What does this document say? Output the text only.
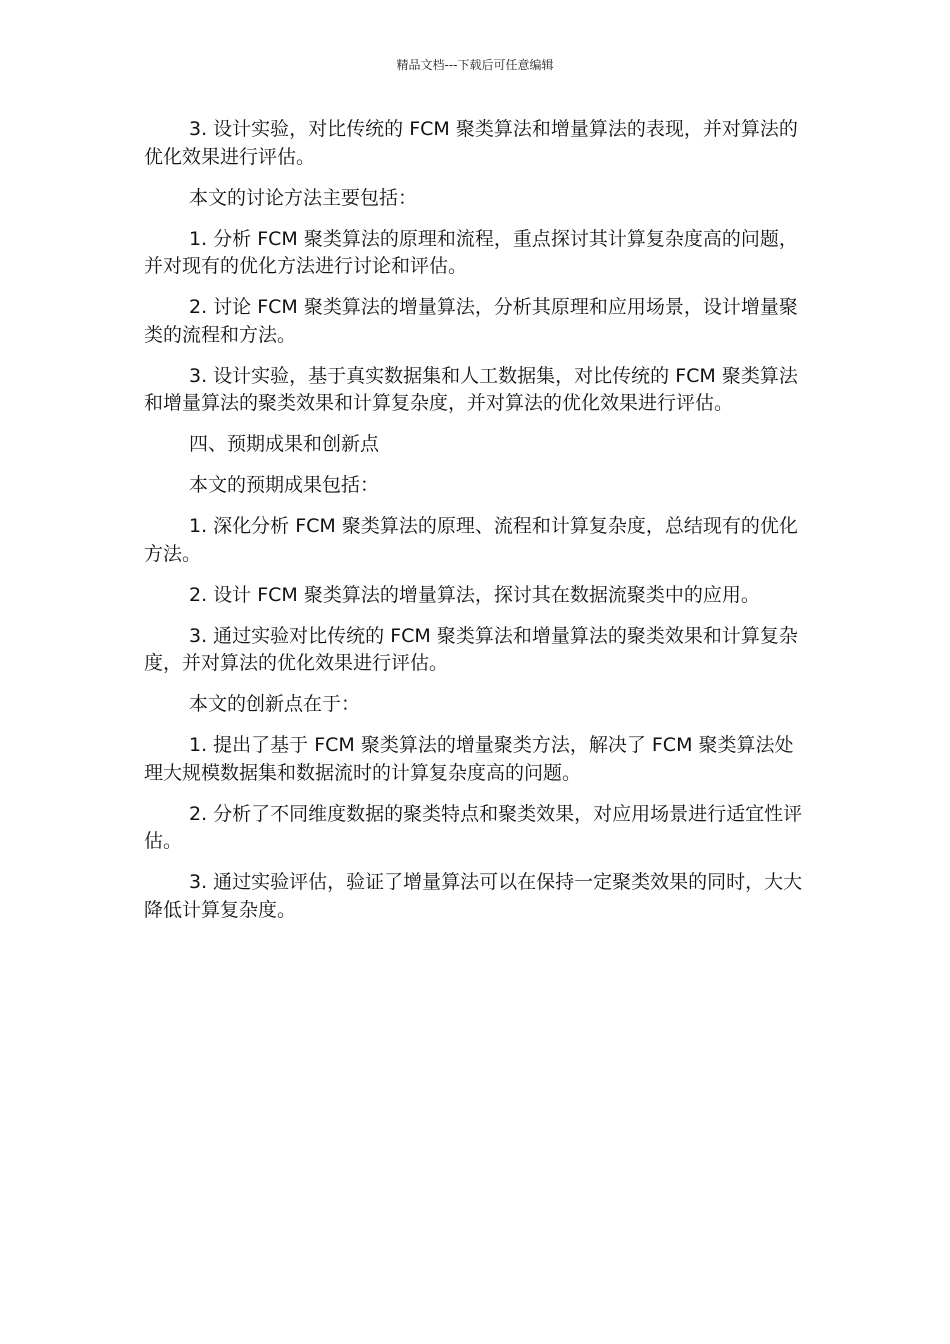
精品文档---下载后可任意编辑

3. 设计实验，对比传统的 FCM 聚类算法和增量算法的表现，并对算法的优化效果进行评估。

本文的讨论方法主要包括：

1. 分析 FCM 聚类算法的原理和流程，重点探讨其计算复杂度高的问题，并对现有的优化方法进行讨论和评估。

2. 讨论 FCM 聚类算法的增量算法，分析其原理和应用场景，设计增量聚类的流程和方法。

3. 设计实验，基于真实数据集和人工数据集，对比传统的 FCM 聚类算法和增量算法的聚类效果和计算复杂度，并对算法的优化效果进行评估。

四、预期成果和创新点

本文的预期成果包括：

1. 深化分析 FCM 聚类算法的原理、流程和计算复杂度，总结现有的优化方法。

2. 设计 FCM 聚类算法的增量算法，探讨其在数据流聚类中的应用。

3. 通过实验对比传统的 FCM 聚类算法和增量算法的聚类效果和计算复杂度，并对算法的优化效果进行评估。

本文的创新点在于：

1. 提出了基于 FCM 聚类算法的增量聚类方法，解决了 FCM 聚类算法处理大规模数据集和数据流时的计算复杂度高的问题。

2. 分析了不同维度数据的聚类特点和聚类效果，对应用场景进行适宜性评估。

3. 通过实验评估，验证了增量算法可以在保持一定聚类效果的同时，大大降低计算复杂度。
